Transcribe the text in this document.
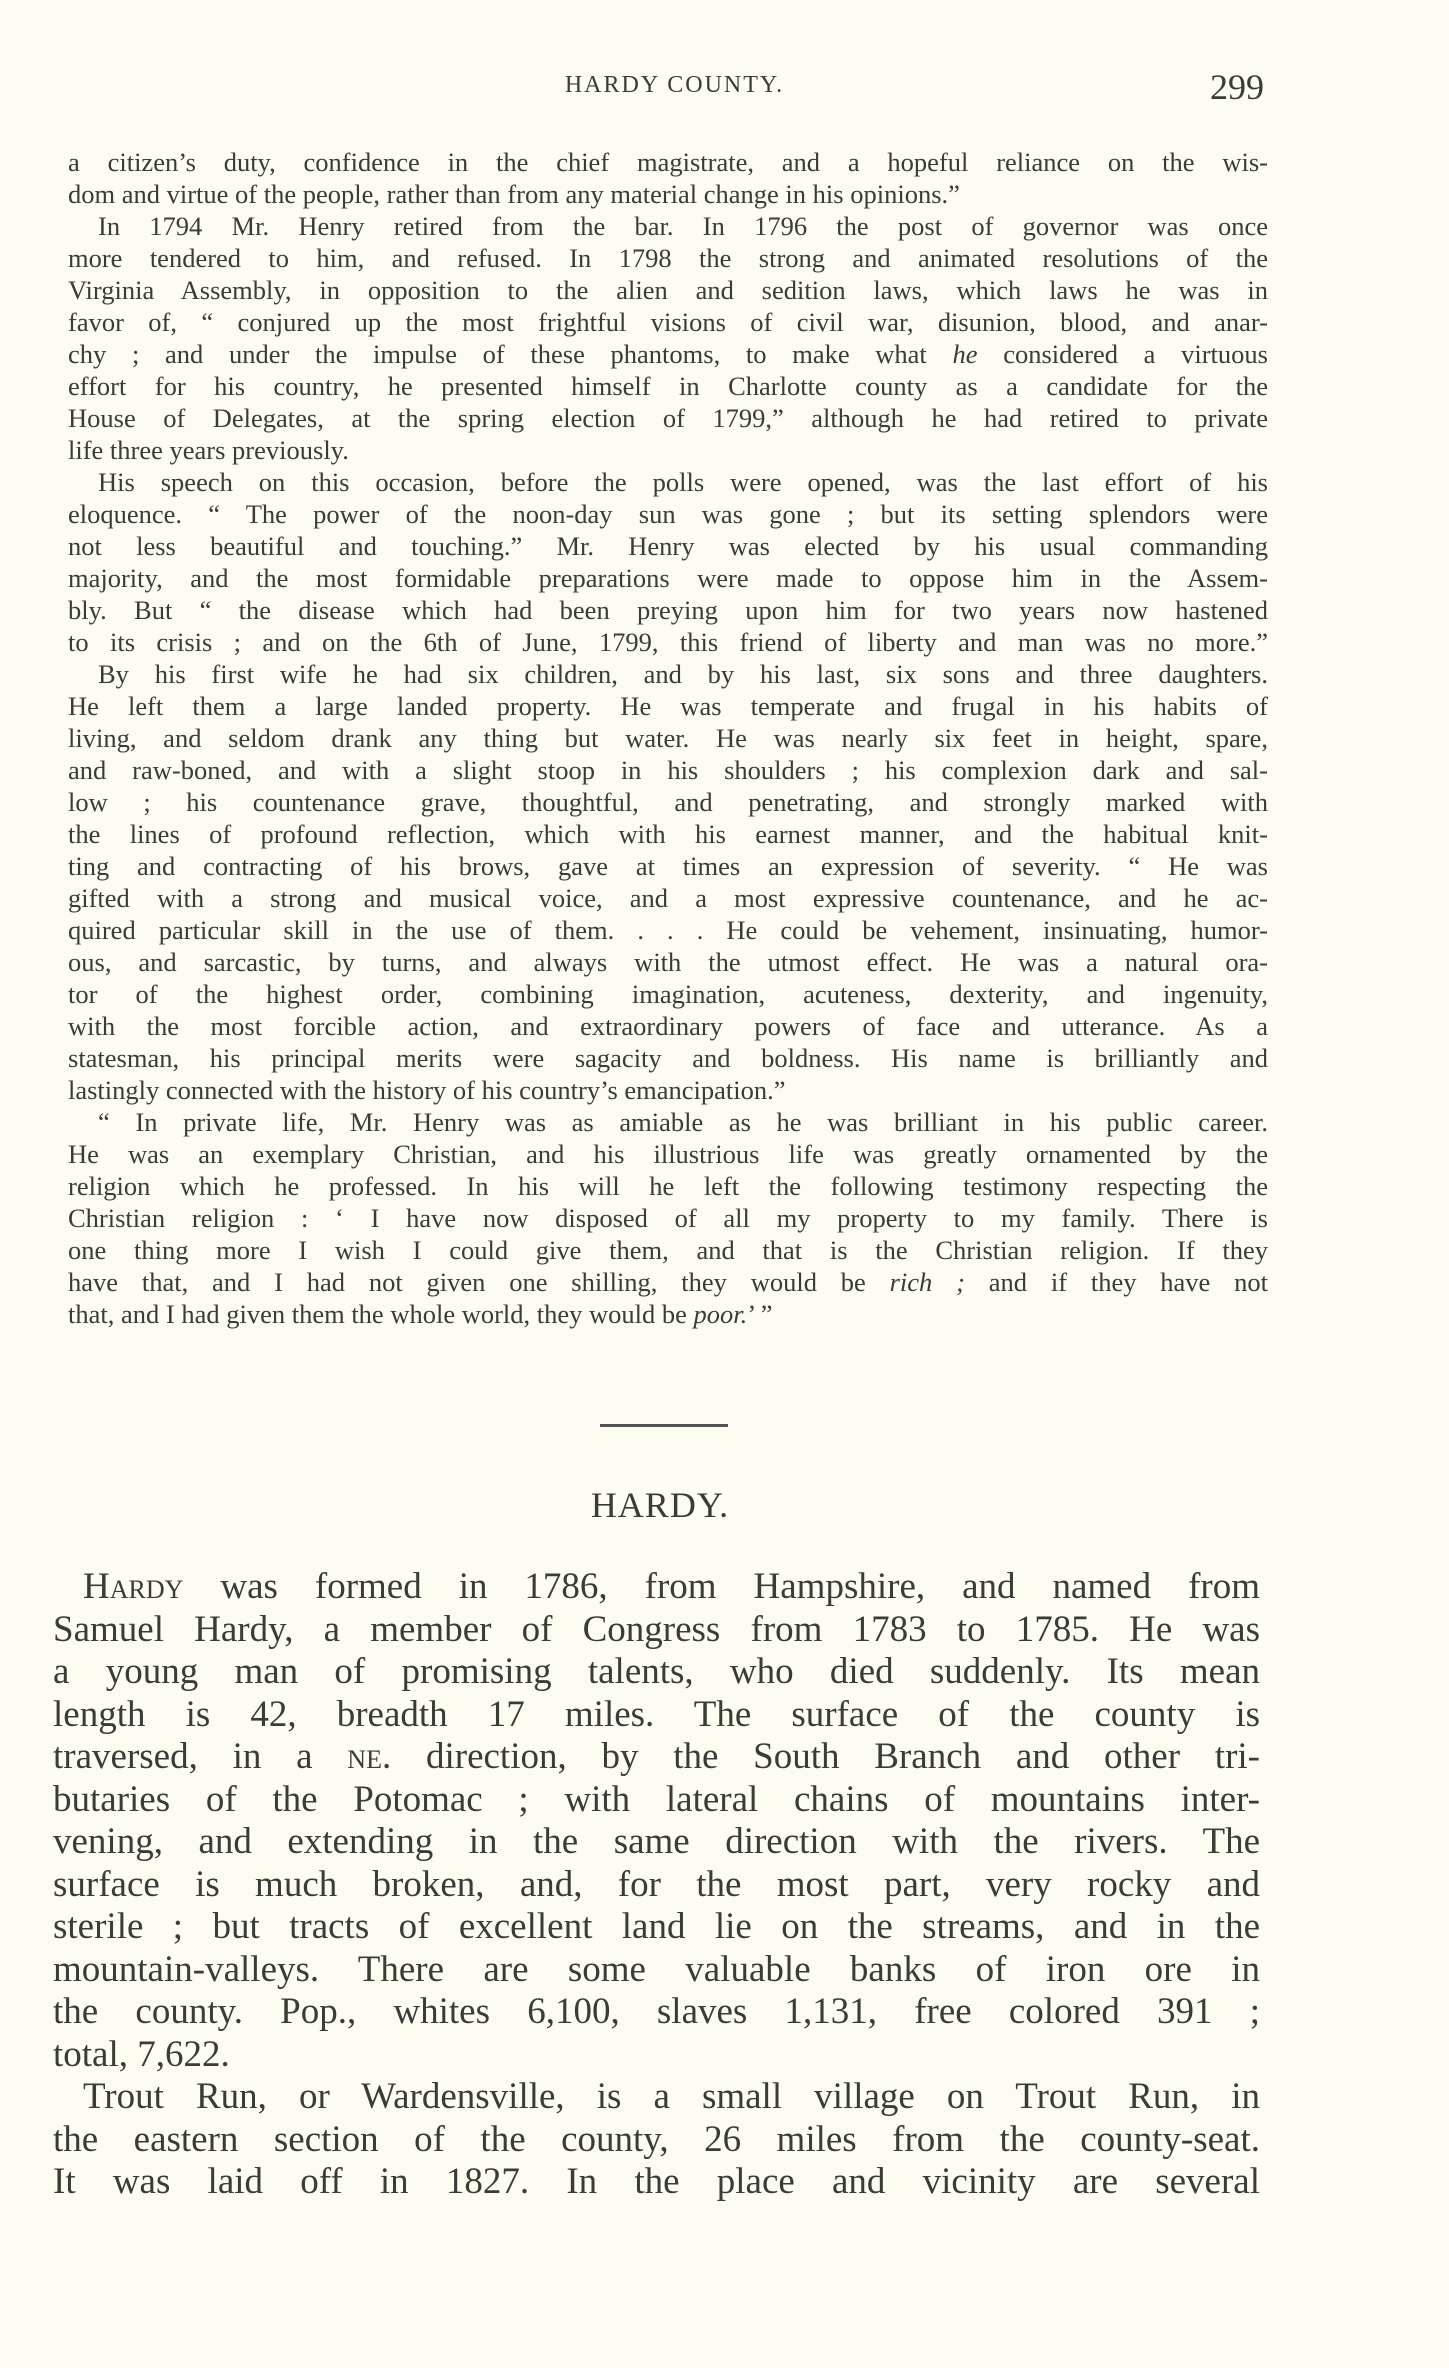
HARDY COUNTY.	299
a citizen’s duty, confidence in the chief magistrate, and a hopeful reliance on the wis-
dom and virtue of the people, rather than from any material change in his opinions.”
In 1794 Mr. Henry retired from the bar. In 1796 the post of governor was once
more tendered to him, and refused. In 1798 the strong and animated resolutions of the
Virginia Assembly, in opposition to the alien and sedition laws, which laws he was in
favor of, “ conjured up the most frightful visions of civil war, disunion, blood, and anar-
chy ; and under the impulse of these phantoms, to make what he considered a virtuous
effort for his country, he presented himself in Charlotte county as a candidate for the
House of Delegates, at the spring election of 1799,” although he had retired to private
life three years previously.
His speech on this occasion, before the polls were opened, was the last effort of his
eloquence. “ The power of the noon-day sun was gone ; but its setting splendors were
not less beautiful and touching.” Mr. Henry was elected by his usual commanding
majority, and the most formidable preparations were made to oppose him in the Assem-
bly. But “ the disease which had been preying upon him for two years now hastened
to its crisis ; and on the 6th of June, 1799, this friend of liberty and man was no more.”
By his first wife he had six children, and by his last, six sons and three daughters.
He left them a large landed property. He was temperate and frugal in his habits of
living, and seldom drank any thing but water. He was nearly six feet in height, spare,
and raw-boned, and with a slight stoop in his shoulders ; his complexion dark and sal-
low ; his countenance grave, thoughtful, and penetrating, and strongly marked with
the lines of profound reflection, which with his earnest manner, and the habitual knit-
ting and contracting of his brows, gave at times an expression of severity. “ He was
gifted with a strong and musical voice, and a most expressive countenance, and he ac-
quired particular skill in the use of them. . . . He could be vehement, insinuating, humor-
ous, and sarcastic, by turns, and always with the utmost effect. He was a natural ora-
tor of the highest order, combining imagination, acuteness, dexterity, and ingenuity,
with the most forcible action, and extraordinary powers of face and utterance. As a
statesman, his principal merits were sagacity and boldness. His name is brilliantly and
lastingly connected with the history of his country’s emancipation.”
“ In private life, Mr. Henry was as amiable as he was brilliant in his public career.
He was an exemplary Christian, and his illustrious life was greatly ornamented by the
religion which he professed. In his will he left the following testimony respecting the
Christian religion : ‘ I have now disposed of all my property to my family. There is
one thing more I wish I could give them, and that is the Christian religion. If they
have that, and I had not given one shilling, they would be rich ; and if they have not
that, and I had given them the whole world, they would be poor.’ ”
HARDY.
Hardy was formed in 1786, from Hampshire, and named from
Samuel Hardy, a member of Congress from 1783 to 1785. He was
a young man of promising talents, who died suddenly. Its mean
length is 42, breadth 17 miles. The surface of the county is
traversed, in a ne. direction, by the South Branch and other tri-
butaries of the Potomac ; with lateral chains of mountains inter-
vening, and extending in the same direction with the rivers. The
surface is much broken, and, for the most part, very rocky and
sterile ; but tracts of excellent land lie on the streams, and in the
mountain-valleys. There are some valuable banks of iron ore in
the county. Pop., whites 6,100, slaves 1,131, free colored 391 ;
total, 7,622.
Trout Run, or Wardensville, is a small village on Trout Run, in
the eastern section of the county, 26 miles from the county-seat.
It was laid off in 1827. In the place and vicinity are several
